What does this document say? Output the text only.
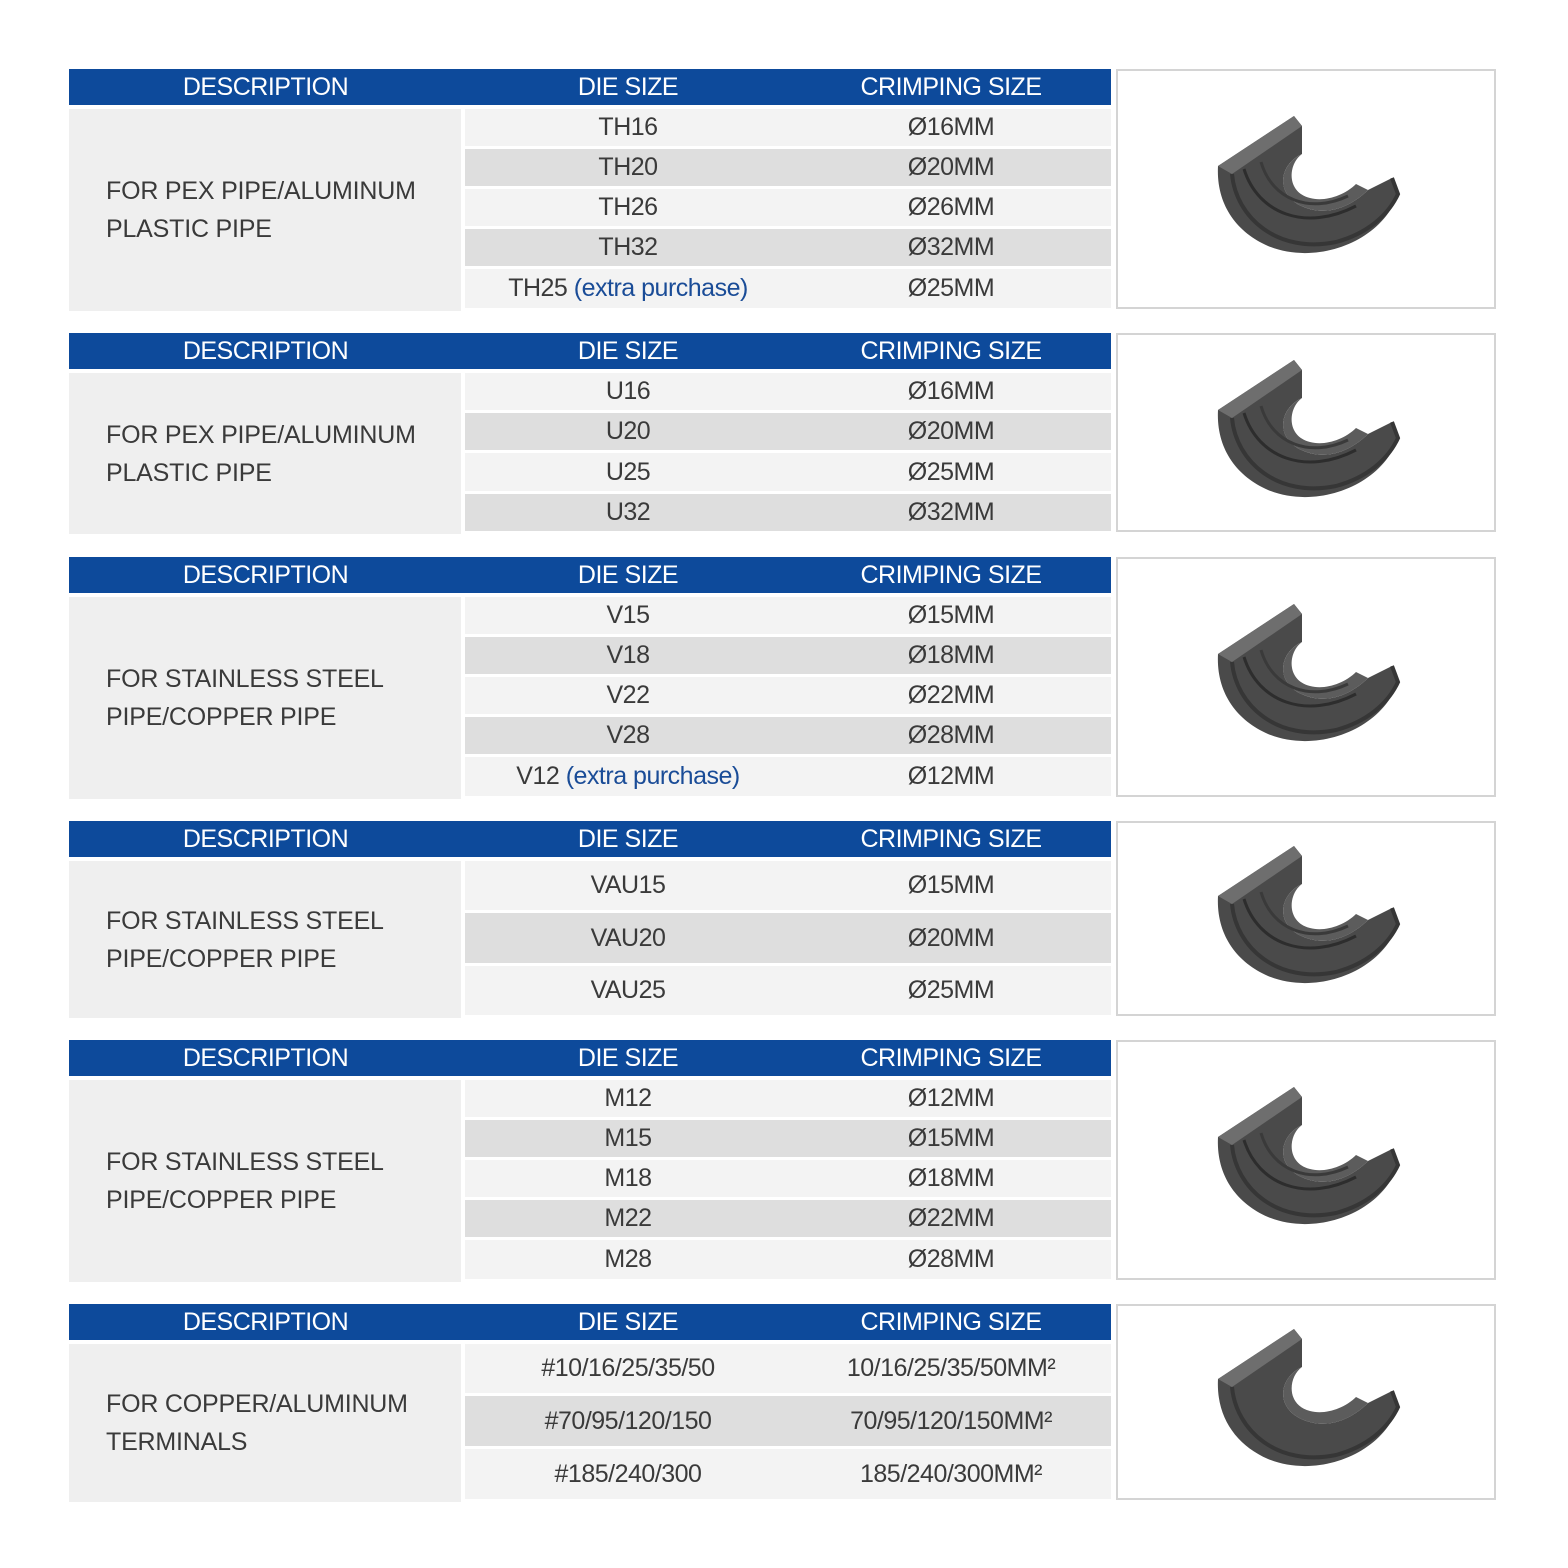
DESCRIPTION	DIE SIZE	CRIMPING SIZE
FOR PEX PIPE/ALUMINUM
PLASTIC PIPE
TH16	Ø16MM
TH20	Ø20MM
TH26	Ø26MM
TH32	Ø32MM
TH25 (extra purchase)	Ø25MM
DESCRIPTION	DIE SIZE	CRIMPING SIZE
FOR PEX PIPE/ALUMINUM
PLASTIC PIPE
U16	Ø16MM
U20	Ø20MM
U25	Ø25MM
U32	Ø32MM
DESCRIPTION	DIE SIZE	CRIMPING SIZE
FOR STAINLESS STEEL
PIPE/COPPER PIPE
V15	Ø15MM
V18	Ø18MM
V22	Ø22MM
V28	Ø28MM
V12 (extra purchase)	Ø12MM
DESCRIPTION	DIE SIZE	CRIMPING SIZE
FOR STAINLESS STEEL
PIPE/COPPER PIPE
VAU15	Ø15MM
VAU20	Ø20MM
VAU25	Ø25MM
DESCRIPTION	DIE SIZE	CRIMPING SIZE
FOR STAINLESS STEEL
PIPE/COPPER PIPE
M12	Ø12MM
M15	Ø15MM
M18	Ø18MM
M22	Ø22MM
M28	Ø28MM
DESCRIPTION	DIE SIZE	CRIMPING SIZE
FOR COPPER/ALUMINUM
TERMINALS
#10/16/25/35/50	10/16/25/35/50MM²
#70/95/120/150	70/95/120/150MM²
#185/240/300	185/240/300MM²
